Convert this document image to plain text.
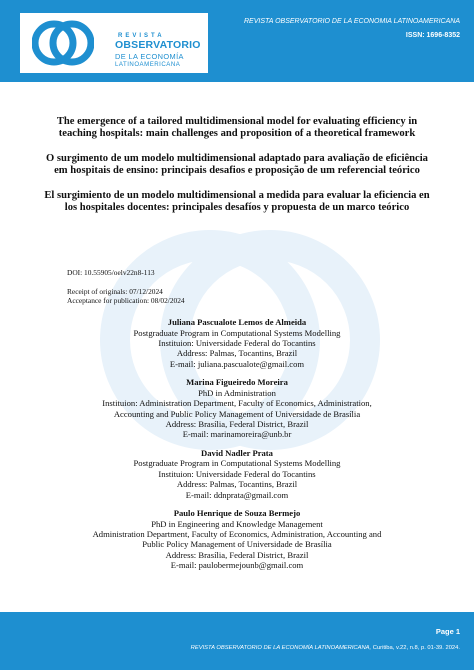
REVISTA
OBSERVATORIO
DE LA ECONOMÍA
LATINOAMERICANA
REVISTA OBSERVATORIO DE LA ECONOMIA LATINOAMERICANA
ISSN: 1696-8352
The emergence of a tailored multidimensional model for evaluating efficiency in teaching hospitals: main challenges and proposition of a theoretical framework
O surgimento de um modelo multidimensional adaptado para avaliação de eficiência em hospitais de ensino: principais desafios e proposição de um referencial teórico
El surgimiento de un modelo multidimensional a medida para evaluar la eficiencia en los hospitales docentes: principales desafíos y propuesta de un marco teórico
DOI: 10.55905/oelv22n8-113
Receipt of originals: 07/12/2024
Acceptance for publication: 08/02/2024
Juliana Pascualote Lemos de Almeida
Postgraduate Program in Computational Systems Modelling
Instituion: Universidade Federal do Tocantins
Address: Palmas, Tocantins, Brazil
E-mail: juliana.pascualote@gmail.com
Marina Figueiredo Moreira
PhD in Administration
Instituion: Administration Department, Faculty of Economics, Administration,
Accounting and Public Policy Management of Universidade de Brasília
Address: Brasília, Federal District, Brazil
E-mail: marinamoreira@unb.br
David Nadler Prata
Postgraduate Program in Computational Systems Modelling
Instituion: Universidade Federal do Tocantins
Address: Palmas, Tocantins, Brazil
E-mail: ddnprata@gmail.com
Paulo Henrique de Souza Bermejo
PhD in Engineering and Knowledge Management
Administration Department, Faculty of Economics, Administration, Accounting and
Public Policy Management of Universidade de Brasília
Address: Brasília, Federal District, Brazil
E-mail: paulobermejounb@gmail.com
Page 1
REVISTA OBSERVATORIO DE LA ECONOMÍA LATINOAMERICANA, Curitiba, v.22, n.8, p. 01-39. 2024.
